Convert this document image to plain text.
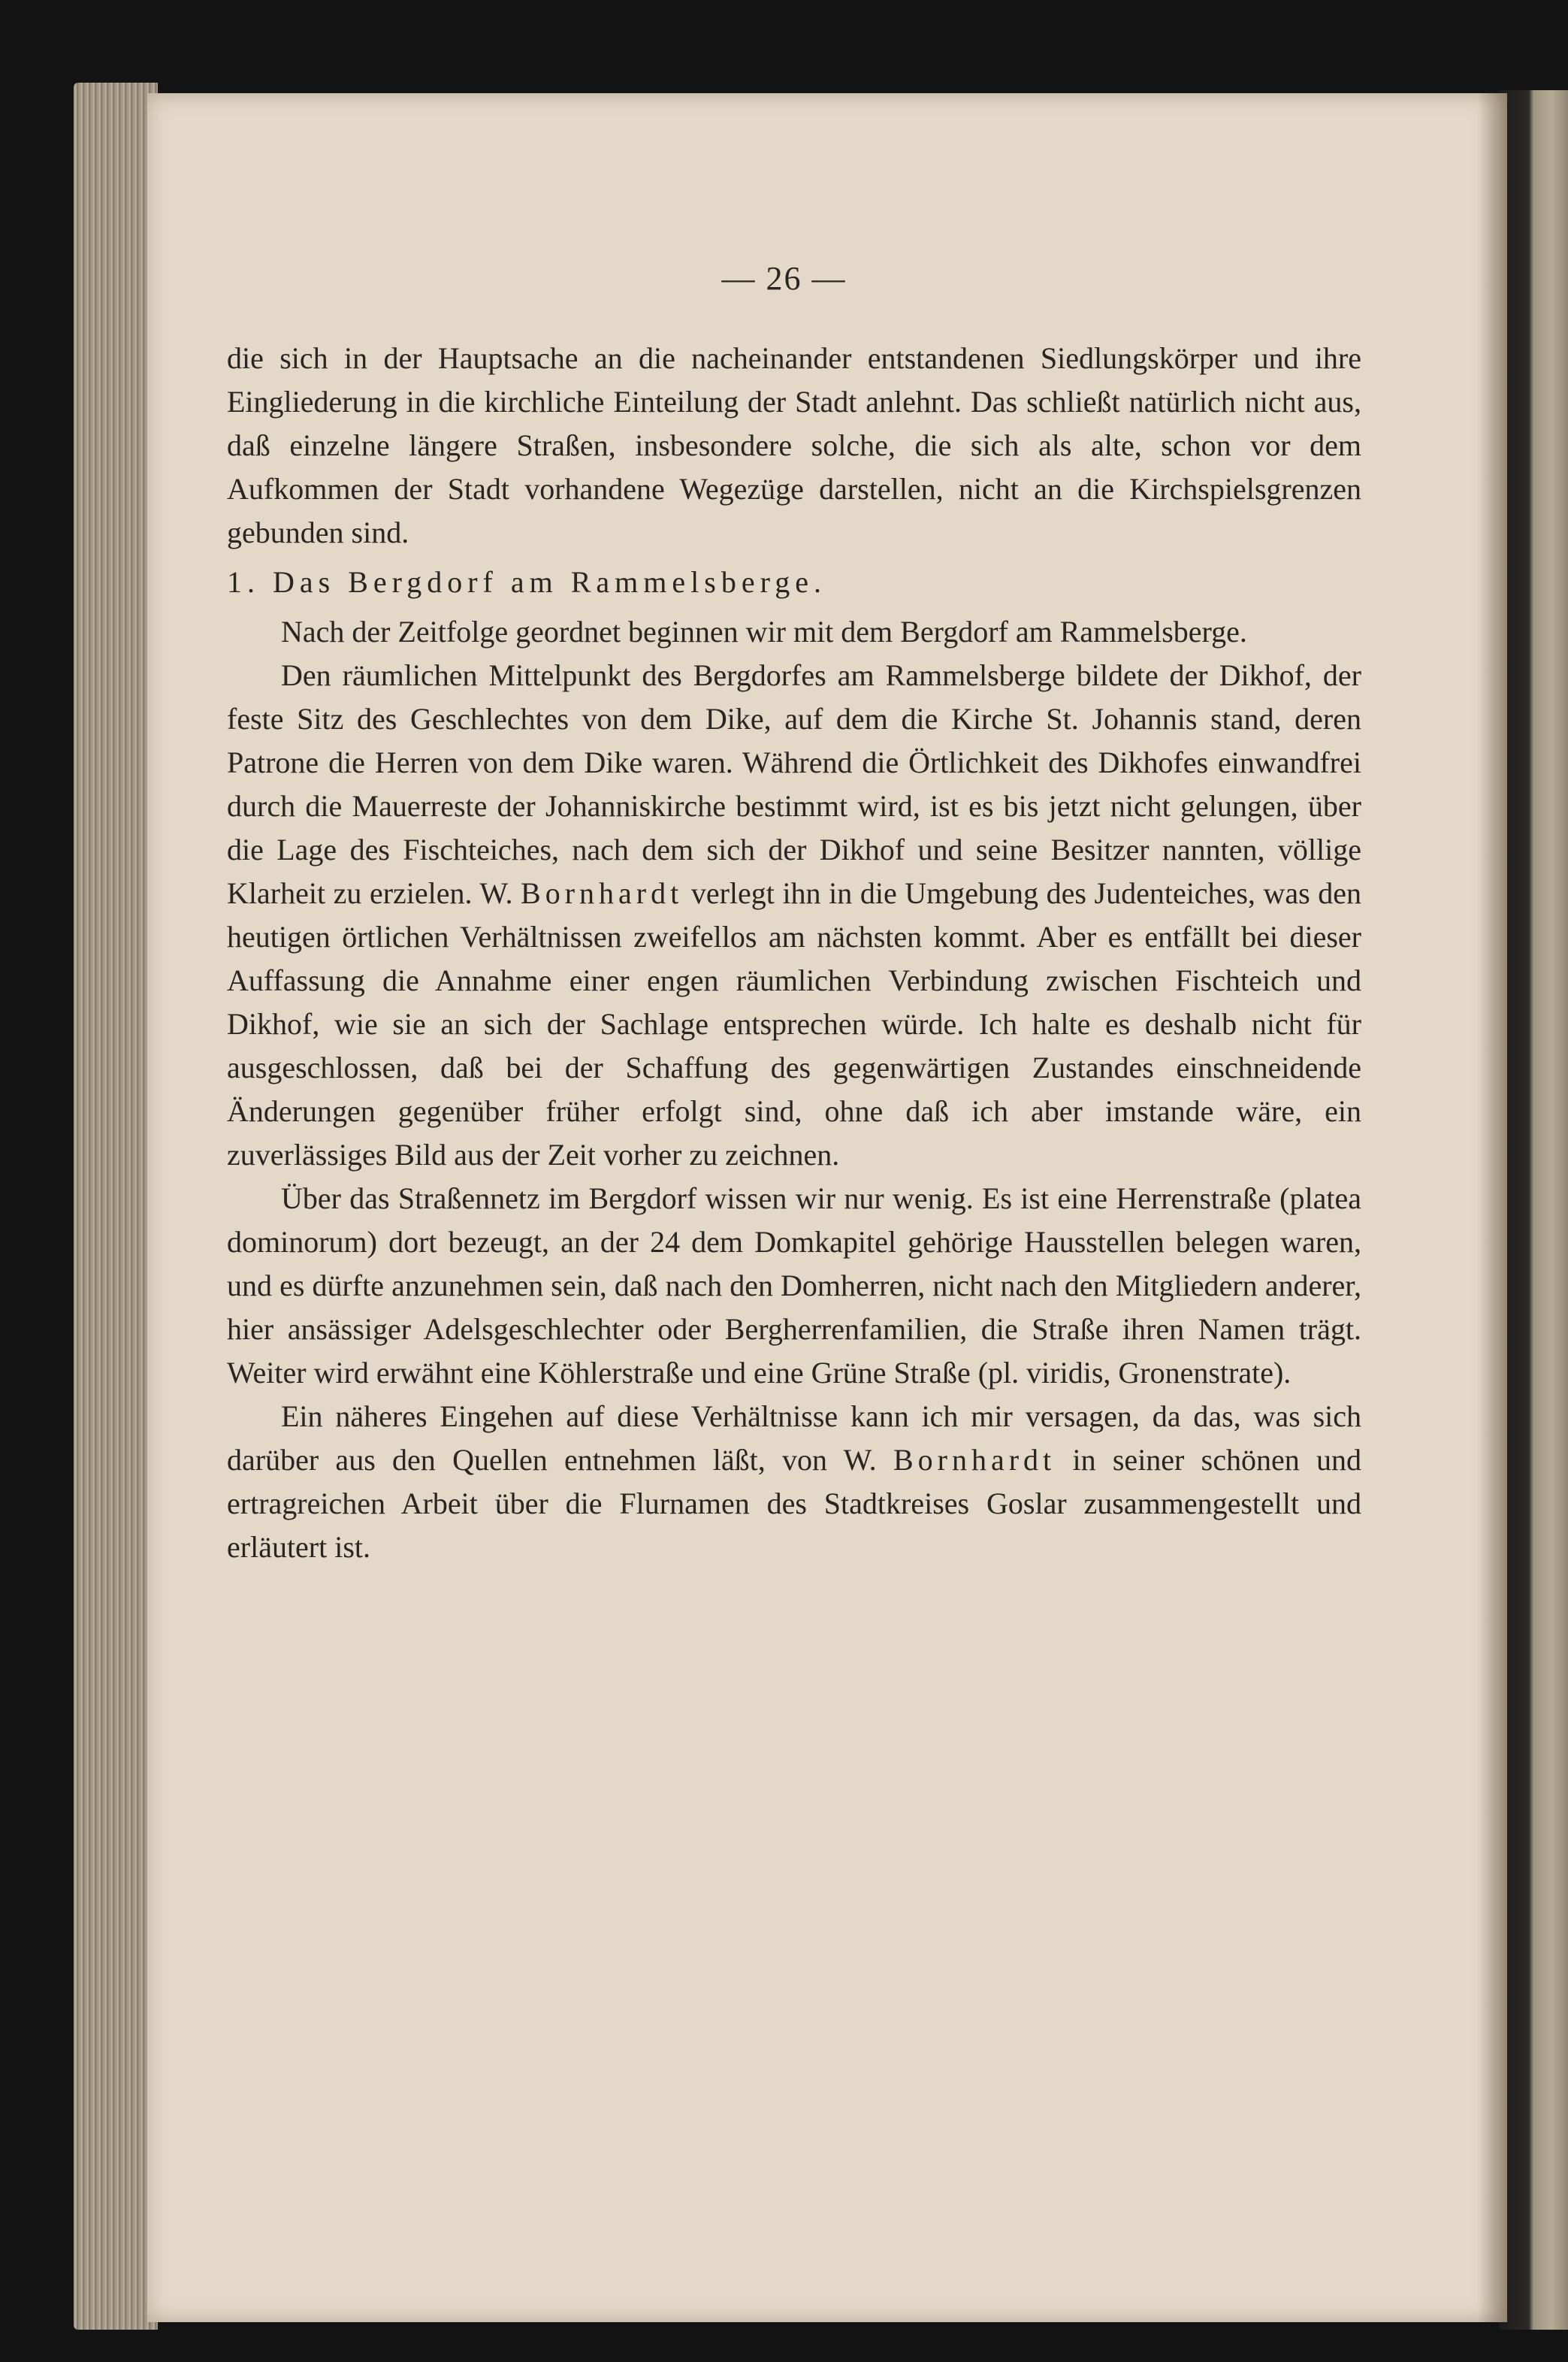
— 26 —

die sich in der Hauptsache an die nacheinander entstandenen Siedlungskörper und ihre Eingliederung in die kirchliche Einteilung der Stadt anlehnt. Das schließt natürlich nicht aus, daß einzelne längere Straßen, insbesondere solche, die sich als alte, schon vor dem Aufkommen der Stadt vorhandene Wegezüge darstellen, nicht an die Kirchspielsgrenzen gebunden sind.

1. Das Bergdorf am Rammelsberge.

Nach der Zeitfolge geordnet beginnen wir mit dem Bergdorf am Rammelsberge.

Den räumlichen Mittelpunkt des Bergdorfes am Rammelsberge bildete der Dikhof, der feste Sitz des Geschlechtes von dem Dike, auf dem die Kirche St. Johannis stand, deren Patrone die Herren von dem Dike waren. Während die Örtlichkeit des Dikhofes einwandfrei durch die Mauerreste der Johanniskirche bestimmt wird, ist es bis jetzt nicht gelungen, über die Lage des Fischteiches, nach dem sich der Dikhof und seine Besitzer nannten, völlige Klarheit zu erzielen. W. Bornhardt verlegt ihn in die Umgebung des Judenteiches, was den heutigen örtlichen Verhältnissen zweifellos am nächsten kommt. Aber es entfällt bei dieser Auffassung die Annahme einer engen räumlichen Verbindung zwischen Fischteich und Dikhof, wie sie an sich der Sachlage entsprechen würde. Ich halte es deshalb nicht für ausgeschlossen, daß bei der Schaffung des gegenwärtigen Zustandes einschneidende Änderungen gegenüber früher erfolgt sind, ohne daß ich aber imstande wäre, ein zuverlässiges Bild aus der Zeit vorher zu zeichnen.

Über das Straßennetz im Bergdorf wissen wir nur wenig. Es ist eine Herrenstraße (platea dominorum) dort bezeugt, an der 24 dem Domkapitel gehörige Hausstellen belegen waren, und es dürfte anzunehmen sein, daß nach den Domherren, nicht nach den Mitgliedern anderer, hier ansässiger Adelsgeschlechter oder Bergherrenfamilien, die Straße ihren Namen trägt. Weiter wird erwähnt eine Köhlerstraße und eine Grüne Straße (pl. viridis, Gronenstrate).

Ein näheres Eingehen auf diese Verhältnisse kann ich mir versagen, da das, was sich darüber aus den Quellen entnehmen läßt, von W. Bornhardt in seiner schönen und ertragreichen Arbeit über die Flurnamen des Stadtkreises Goslar zusammengestellt und erläutert ist.
